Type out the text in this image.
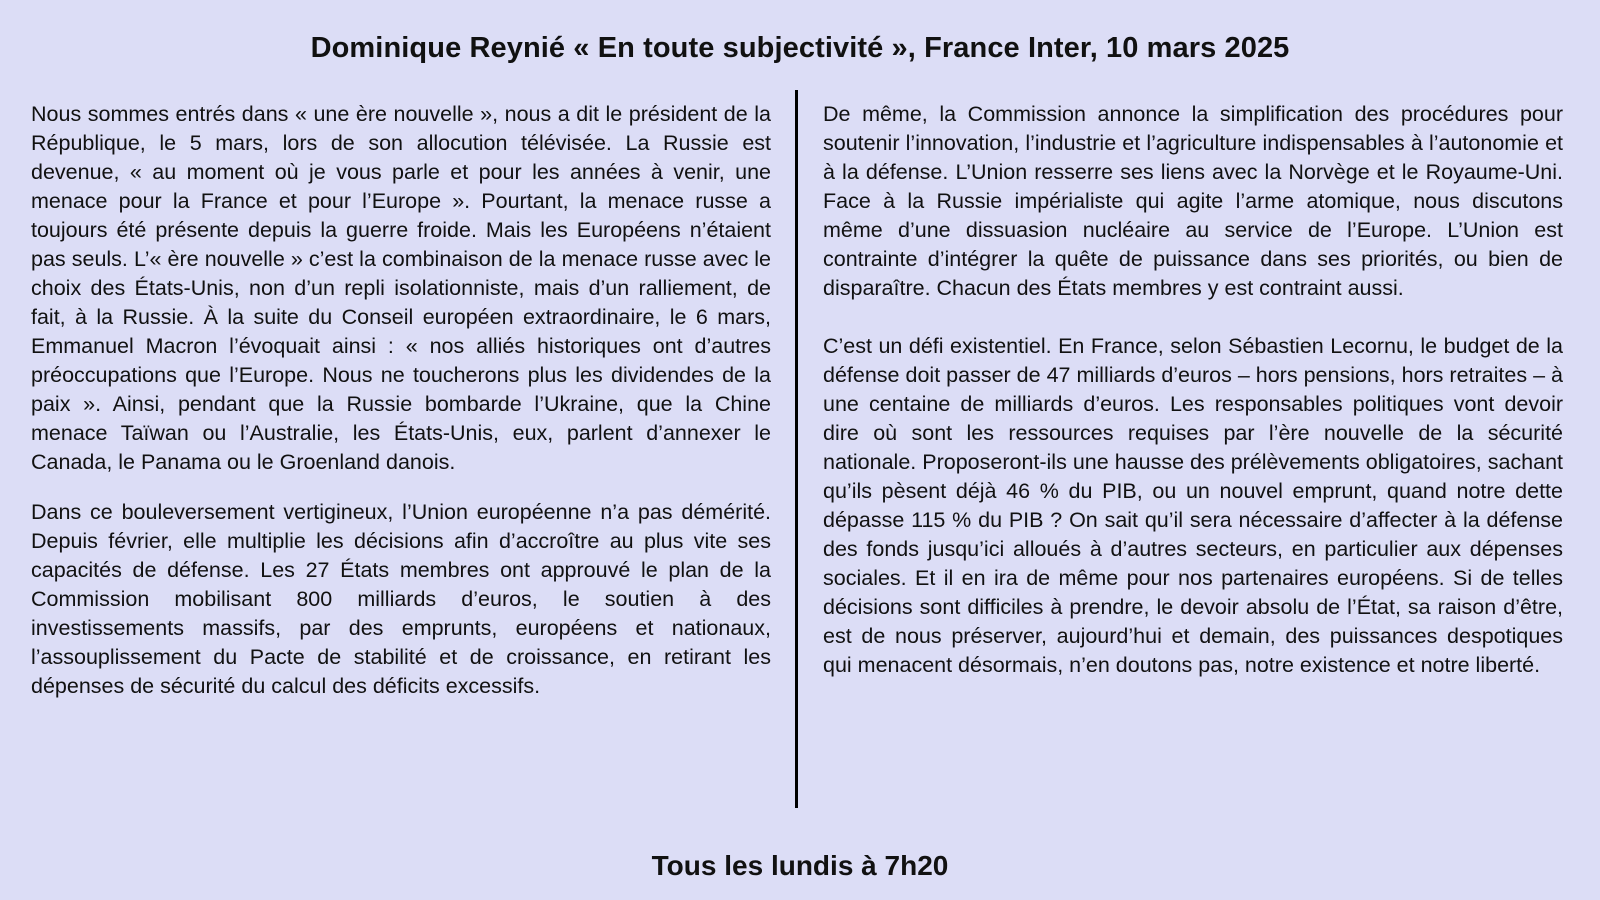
Dominique Reynié « En toute subjectivité », France Inter, 10 mars 2025

Nous sommes entrés dans « une ère nouvelle », nous a dit le président de la République, le 5 mars, lors de son allocution télévisée. La Russie est devenue, « au moment où je vous parle et pour les années à venir, une menace pour la France et pour l’Europe ». Pourtant, la menace russe a toujours été présente depuis la guerre froide. Mais les Européens n’étaient pas seuls. L’« ère nouvelle » c’est la combinaison de la menace russe avec le choix des États-Unis, non d’un repli isolationniste, mais d’un ralliement, de fait, à la Russie. À la suite du Conseil européen extraordinaire, le 6 mars, Emmanuel Macron l’évoquait ainsi : « nos alliés historiques ont d’autres préoccupations que l’Europe. Nous ne toucherons plus les dividendes de la paix ». Ainsi, pendant que la Russie bombarde l’Ukraine, que la Chine menace Taïwan ou l’Australie, les États-Unis, eux, parlent d’annexer le Canada, le Panama ou le Groenland danois.

Dans ce bouleversement vertigineux, l’Union européenne n’a pas démérité. Depuis février, elle multiplie les décisions afin d’accroître au plus vite ses capacités de défense. Les 27 États membres ont approuvé le plan de la Commission mobilisant 800 milliards d’euros, le soutien à des investissements massifs, par des emprunts, européens et nationaux, l’assouplissement du Pacte de stabilité et de croissance, en retirant les dépenses de sécurité du calcul des déficits excessifs.

De même, la Commission annonce la simplification des procédures pour soutenir l’innovation, l’industrie et l’agriculture indispensables à l’autonomie et à la défense. L’Union resserre ses liens avec la Norvège et le Royaume-Uni. Face à la Russie impérialiste qui agite l’arme atomique, nous discutons même d’une dissuasion nucléaire au service de l’Europe. L’Union est contrainte d’intégrer la quête de puissance dans ses priorités, ou bien de disparaître. Chacun des États membres y est contraint aussi.

C’est un défi existentiel. En France, selon Sébastien Lecornu, le budget de la défense doit passer de 47 milliards d’euros – hors pensions, hors retraites – à une centaine de milliards d’euros. Les responsables politiques vont devoir dire où sont les ressources requises par l’ère nouvelle de la sécurité nationale. Proposeront-ils une hausse des prélèvements obligatoires, sachant qu’ils pèsent déjà 46 % du PIB, ou un nouvel emprunt, quand notre dette dépasse 115 % du PIB ? On sait qu’il sera nécessaire d’affecter à la défense des fonds jusqu’ici alloués à d’autres secteurs, en particulier aux dépenses sociales. Et il en ira de même pour nos partenaires européens. Si de telles décisions sont difficiles à prendre, le devoir absolu de l’État, sa raison d’être, est de nous préserver, aujourd’hui et demain, des puissances despotiques qui menacent désormais, n’en doutons pas, notre existence et notre liberté.

Tous les lundis à 7h20
